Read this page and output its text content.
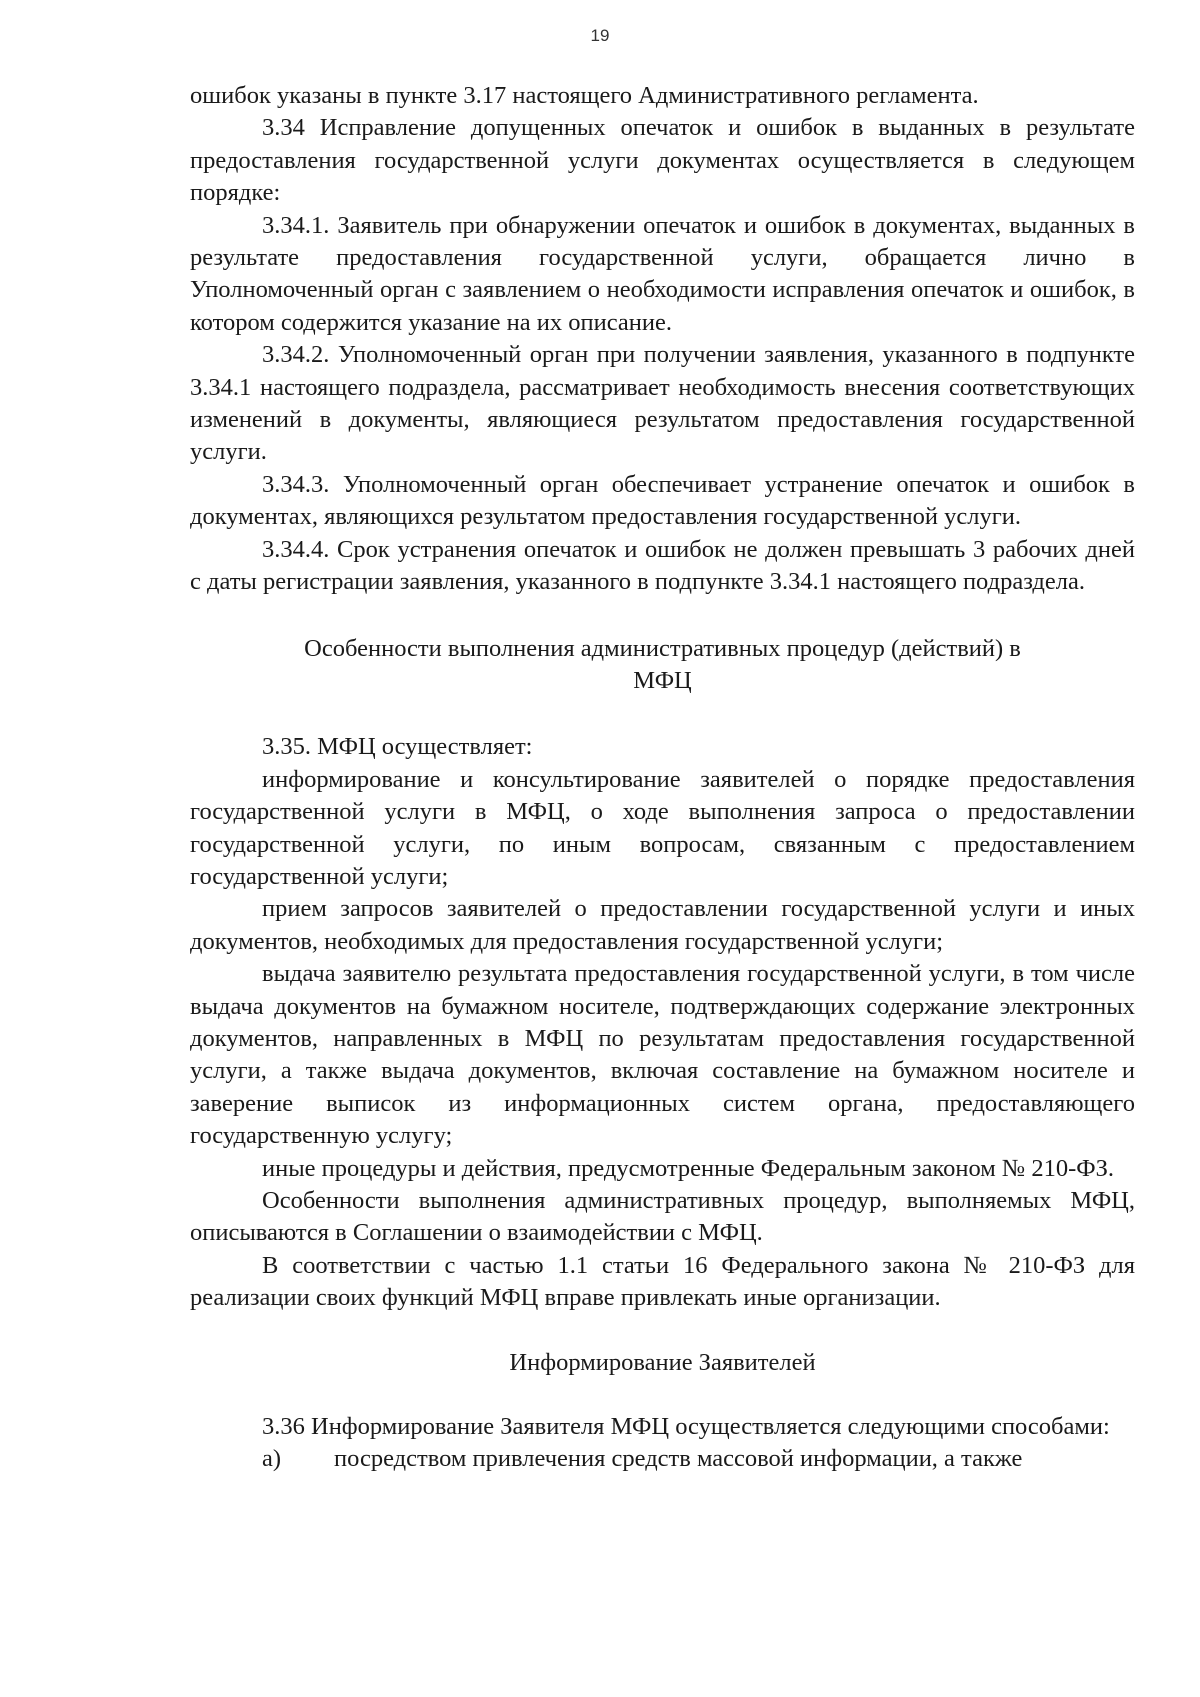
19

ошибок указаны в пункте 3.17 настоящего Административного регламента.

3.34 Исправление допущенных опечаток и ошибок в выданных в результате предоставления государственной услуги документах осуществляется в следующем порядке:

3.34.1. Заявитель при обнаружении опечаток и ошибок в документах, выданных в результате предоставления государственной услуги, обращается лично в Уполномоченный орган с заявлением о необходимости исправления опечаток и ошибок, в котором содержится указание на их описание.

3.34.2. Уполномоченный орган при получении заявления, указанного в подпункте 3.34.1 настоящего подраздела, рассматривает необходимость внесения соответствующих изменений в документы, являющиеся результатом предоставления государственной услуги.

3.34.3. Уполномоченный орган обеспечивает устранение опечаток и ошибок в документах, являющихся результатом предоставления государственной услуги.

3.34.4. Срок устранения опечаток и ошибок не должен превышать 3 рабочих дней с даты регистрации заявления, указанного в подпункте 3.34.1 настоящего подраздела.

Особенности выполнения административных процедур (действий) в

МФЦ

3.35. МФЦ осуществляет:

информирование и консультирование заявителей о порядке предоставления государственной услуги в МФЦ, о ходе выполнения запроса о предоставлении государственной услуги, по иным вопросам, связанным с предоставлением государственной услуги;

прием запросов заявителей о предоставлении государственной услуги и иных документов, необходимых для предоставления государственной услуги;

выдача заявителю результата предоставления государственной услуги, в том числе выдача документов на бумажном носителе, подтверждающих содержание электронных документов, направленных в МФЦ по результатам предоставления государственной услуги, а также выдача документов, включая составление на бумажном носителе и заверение выписок из информационных систем органа, предоставляющего государственную услугу;

иные процедуры и действия, предусмотренные Федеральным законом № 210-ФЗ.

Особенности выполнения административных процедур, выполняемых МФЦ, описываются в Соглашении о взаимодействии с МФЦ.

В соответствии с частью 1.1 статьи 16 Федерального закона № 210-ФЗ для реализации своих функций МФЦ вправе привлекать иные организации.

Информирование Заявителей

3.36 Информирование Заявителя МФЦ осуществляется следующими способами:

а)	посредством привлечения средств массовой информации, а также
